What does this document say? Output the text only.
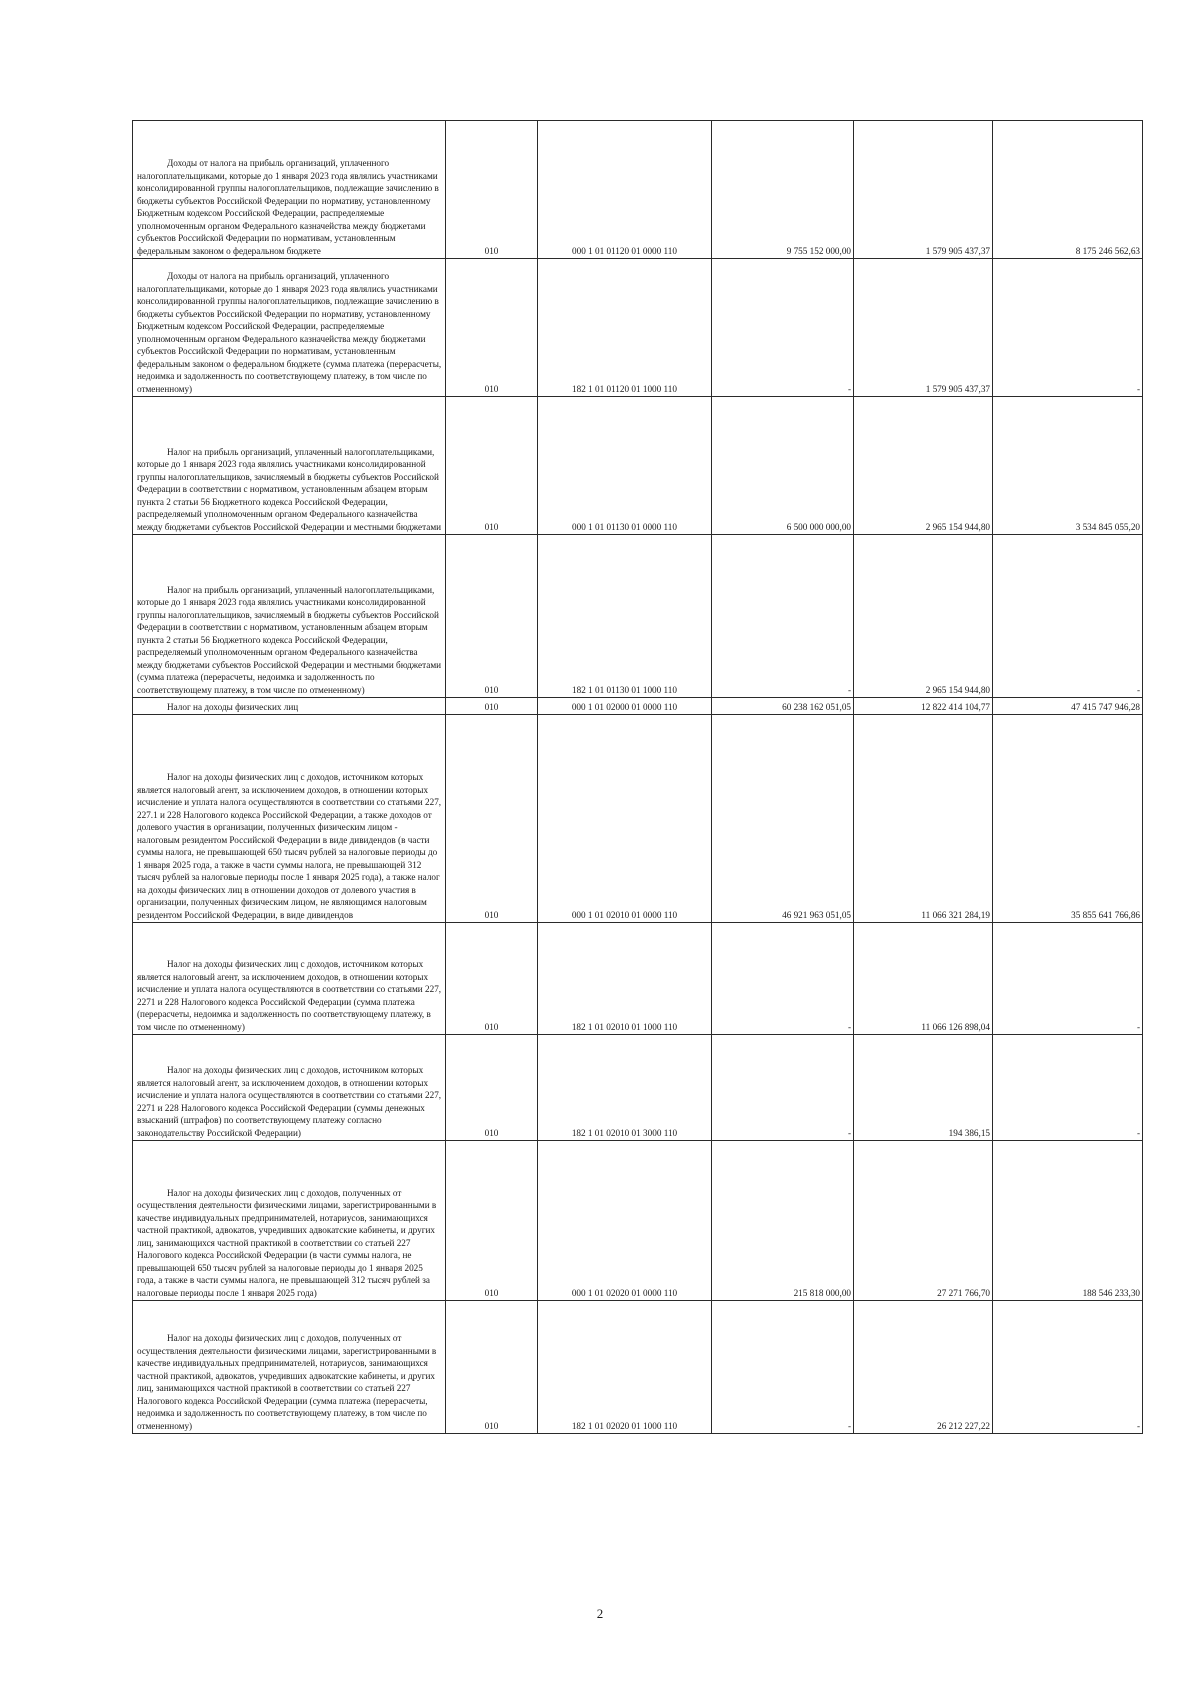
Доходы от налога на прибыль организаций, уплаченного налогоплательщиками, которые до 1 января 2023 года являлись участниками консолидированной группы налогоплательщиков, подлежащие зачислению в бюджеты субъектов Российской Федерации по нормативу, установленному Бюджетным кодексом Российской Федерации, распределяемые уполномоченным органом Федерального казначейства между бюджетами субъектов Российской Федерации по нормативам, установленным федеральным законом о федеральном бюджете	010	000 1 01 01120 01 0000 110	9 755 152 000,00	1 579 905 437,37	8 175 246 562,63

Доходы от налога на прибыль организаций, уплаченного налогоплательщиками, которые до 1 января 2023 года являлись участниками консолидированной группы налогоплательщиков, подлежащие зачислению в бюджеты субъектов Российской Федерации по нормативу, установленному Бюджетным кодексом Российской Федерации, распределяемые уполномоченным органом Федерального казначейства между бюджетами субъектов Российской Федерации по нормативам, установленным федеральным законом о федеральном бюджете (сумма платежа (перерасчеты, недоимка и задолженность по соответствующему платежу, в том числе по отмененному)	010	182 1 01 01120 01 1000 110	-	1 579 905 437,37	-

Налог на прибыль организаций, уплаченный налогоплательщиками, которые до 1 января 2023 года являлись участниками консолидированной группы налогоплательщиков, зачисляемый в бюджеты субъектов Российской Федерации в соответствии с нормативом, установленным абзацем вторым пункта 2 статьи 56 Бюджетного кодекса Российской Федерации, распределяемый уполномоченным органом Федерального казначейства между бюджетами субъектов Российской Федерации и местными бюджетами	010	000 1 01 01130 01 0000 110	6 500 000 000,00	2 965 154 944,80	3 534 845 055,20

Налог на прибыль организаций, уплаченный налогоплательщиками, которые до 1 января 2023 года являлись участниками консолидированной группы налогоплательщиков, зачисляемый в бюджеты субъектов Российской Федерации в соответствии с нормативом, установленным абзацем вторым пункта 2 статьи 56 Бюджетного кодекса Российской Федерации, распределяемый уполномоченным органом Федерального казначейства между бюджетами субъектов Российской Федерации и местными бюджетами (сумма платежа (перерасчеты, недоимка и задолженность по соответствующему платежу, в том числе по отмененному)	010	182 1 01 01130 01 1000 110	-	2 965 154 944,80	-

Налог на доходы физических лиц	010	000 1 01 02000 01 0000 110	60 238 162 051,05	12 822 414 104,77	47 415 747 946,28

Налог на доходы физических лиц с доходов, источником которых является налоговый агент, за исключением доходов, в отношении которых исчисление и уплата налога осуществляются в соответствии со статьями 227, 227.1 и 228 Налогового кодекса Российской Федерации, а также доходов от долевого участия в организации, полученных физическим лицом - налоговым резидентом Российской Федерации в виде дивидендов (в части суммы налога, не превышающей 650 тысяч рублей за налоговые периоды до 1 января 2025 года, а также в части суммы налога, не превышающей 312 тысяч рублей за налоговые периоды после 1 января 2025 года), а также налог на доходы физических лиц в отношении доходов от долевого участия в организации, полученных физическим лицом, не являющимся налоговым резидентом Российской Федерации, в виде дивидендов	010	000 1 01 02010 01 0000 110	46 921 963 051,05	11 066 321 284,19	35 855 641 766,86

Налог на доходы физических лиц с доходов, источником которых является налоговый агент, за исключением доходов, в отношении которых исчисление и уплата налога осуществляются в соответствии со статьями 227, 2271 и 228 Налогового кодекса Российской Федерации (сумма платежа (перерасчеты, недоимка и задолженность по соответствующему платежу, в том числе по отмененному)	010	182 1 01 02010 01 1000 110	-	11 066 126 898,04	-

Налог на доходы физических лиц с доходов, источником которых является налоговый агент, за исключением доходов, в отношении которых исчисление и уплата налога осуществляются в соответствии со статьями 227, 2271 и 228 Налогового кодекса Российской Федерации (суммы денежных взысканий (штрафов) по соответствующему платежу согласно законодательству Российской Федерации)	010	182 1 01 02010 01 3000 110	-	194 386,15	-

Налог на доходы физических лиц с доходов, полученных от осуществления деятельности физическими лицами, зарегистрированными в качестве индивидуальных предпринимателей, нотариусов, занимающихся частной практикой, адвокатов, учредивших адвокатские кабинеты, и других лиц, занимающихся частной практикой в соответствии со статьей 227 Налогового кодекса Российской Федерации (в части суммы налога, не превышающей 650 тысяч рублей за налоговые периоды до 1 января 2025 года, а также в части суммы налога, не превышающей 312 тысяч рублей за налоговые периоды после 1 января 2025 года)	010	000 1 01 02020 01 0000 110	215 818 000,00	27 271 766,70	188 546 233,30

Налог на доходы физических лиц с доходов, полученных от осуществления деятельности физическими лицами, зарегистрированными в качестве индивидуальных предпринимателей, нотариусов, занимающихся частной практикой, адвокатов, учредивших адвокатские кабинеты, и других лиц, занимающихся частной практикой в соответствии со статьей 227 Налогового кодекса Российской Федерации (сумма платежа (перерасчеты, недоимка и задолженность по соответствующему платежу, в том числе по отмененному)	010	182 1 01 02020 01 1000 110	-	26 212 227,22	-
2
